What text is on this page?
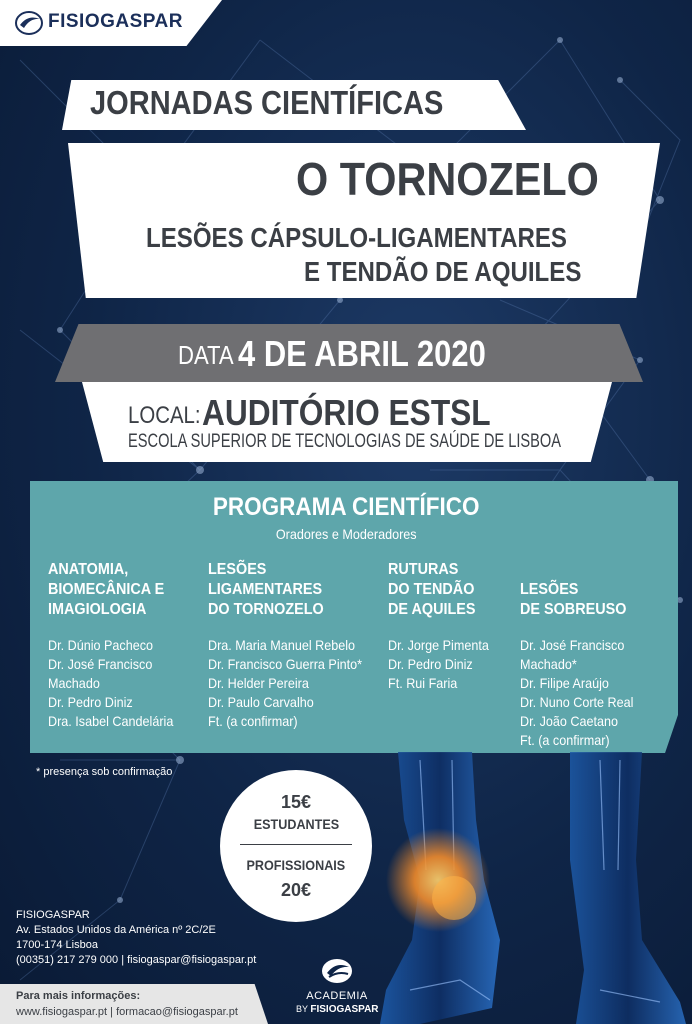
FISIOGASPAR
JORNADAS CIENTÍFICAS
O TORNOZELO
LESÕES CÁPSULO-LIGAMENTARES
E TENDÃO DE AQUILES
DATA 4 DE ABRIL 2020
LOCAL: AUDITÓRIO ESTSL
ESCOLA SUPERIOR DE TECNOLOGIAS DE SAÚDE DE LISBOA
PROGRAMA CIENTÍFICO
Oradores e Moderadores
ANATOMIA,
BIOMECÂNICA E
IMAGIOLOGIA
Dr. Dúnio Pacheco
Dr. José Francisco
Machado
Dr. Pedro Diniz
Dra. Isabel Candelária
LESÕES
LIGAMENTARES
DO TORNOZELO
Dra. Maria Manuel Rebelo
Dr. Francisco Guerra Pinto*
Dr. Helder Pereira
Dr. Paulo Carvalho
Ft. (a confirmar)
RUTURAS
DO TENDÃO
DE AQUILES
Dr. Jorge Pimenta
Dr. Pedro Diniz
Ft. Rui Faria
LESÕES
DE SOBREUSO
Dr. José Francisco
Machado*
Dr. Filipe Araújo
Dr. Nuno Corte Real
Dr. João Caetano
Ft. (a confirmar)
* presença sob confirmação
15€
ESTUDANTES
PROFISSIONAIS
20€
FISIOGASPAR
Av. Estados Unidos da América nº 2C/2E
1700-174 Lisboa
(00351) 217 279 000 | fisiogaspar@fisiogaspar.pt
Para mais informações:
www.fisiogaspar.pt | formacao@fisiogaspar.pt
ACADEMIA
BY FISIOGASPAR
